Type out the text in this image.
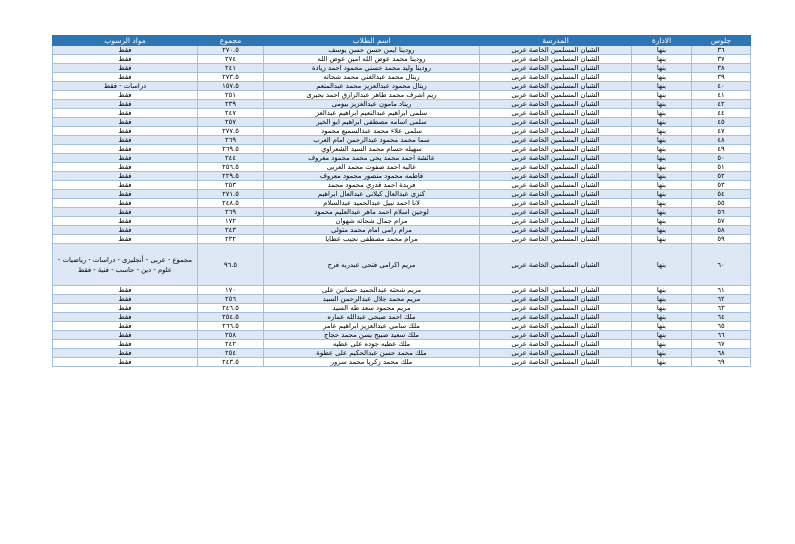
جلوس	الادارة	المدرسة	اسم الطلاب	مجموع	مواد الرسوب
٣٦	بنها	الشبان المسلمين الخاصة عربى	رودينا ايمن حسن حسن يوسف	٢٧٠.٥	فقط
٣٧	بنها	الشبان المسلمين الخاصة عربى	رودينا محمد عوض الله امين عوض الله	٢٧٤	فقط
٣٨	بنها	الشبان المسلمين الخاصة عربى	رودينا وليد محمد حسني محمود احمد زيادة	٢٤١	فقط
٣٩	بنها	الشبان المسلمين الخاصة عربى	ريتال محمد عبدالغني محمد شحاته	٢٧٣.٥	فقط
٤٠	بنها	الشبان المسلمين الخاصة عربى	ريتال محمود عبدالعزيز محمد عبدالمنعم	١٥٧.٥	دراسات - فقط
٤١	بنها	الشبان المسلمين الخاصة عربى	ريم اشرف محمد طاهر عبدالرازق احمد بحيرى	٢٥١	فقط
٤٢	بنها	الشبان المسلمين الخاصة عربى	ريناد مامون عبدالعزيز بيومى	٢٣٩	فقط
٤٤	بنها	الشبان المسلمين الخاصة عربى	سلمى ابراهيم عبدالنعيم ابراهيم عبدالعز	٢٤٧	فقط
٤٥	بنها	الشبان المسلمين الخاصة عربى	سلمى اسامه مصطفى ابراهيم ابو الخير	٢٥٧	فقط
٤٧	بنها	الشبان المسلمين الخاصة عربى	سلمى علاء محمد عبدالسميع محمود	٢٧٧.٥	فقط
٤٨	بنها	الشبان المسلمين الخاصة عربى	سما محمد محمود عبدالرحمن امام العرب	٢٦٩	فقط
٤٩	بنها	الشبان المسلمين الخاصة عربى	سهيله حسام محمد السيد الشعراوي	٢٦٩.٥	فقط
٥٠	بنها	الشبان المسلمين الخاصة عربى	عائشة احمد محمد يحى محمد محمود معروف	٢٤٤	فقط
٥١	بنها	الشبان المسلمين الخاصة عربى	عاليه احمد صفوت محمد العربى	٢٥٦.٥	فقط
٥٢	بنها	الشبان المسلمين الخاصة عربى	فاطمه محمود منصور محمود معروف	٢٢٩.٥	فقط
٥٣	بنها	الشبان المسلمين الخاصة عربى	فريدة احمد قدري محمود محمد	٢٥٣	فقط
٥٤	بنها	الشبان المسلمين الخاصة عربى	كنزى عبدالعال كيلانى عبدالعال ابراهيم	٢٧١.٥	فقط
٥٥	بنها	الشبان المسلمين الخاصة عربى	لانا احمد نبيل عبدالحميد عبدالسلام	٢٤٨.٥	فقط
٥٦	بنها	الشبان المسلمين الخاصة عربى	لوجين اسلام احمد ماهر عبدالعليم محمود	٢٦٩	فقط
٥٧	بنها	الشبان المسلمين الخاصة عربى	مرام جمال شحاته شهوان	١٧٢	فقط
٥٨	بنها	الشبان المسلمين الخاصة عربى	مرام رامى امام محمد متولى	٢٤٣	فقط
٥٩	بنها	الشبان المسلمين الخاصة عربى	مرام محمد مصطفى نجيب عطايا	٢٣٢	فقط
٦٠	بنها	الشبان المسلمين الخاصة عربى	مريم اكرامى فتحى عبدربه فرج	٩٦.٥	مجموع - عربى - أنجليزى - دراسات - رياضيات - علوم - دين - حاسب - فنية - فقط
٦١	بنها	الشبان المسلمين الخاصة عربى	مريم شحته عبدالحميد حسانين على	١٧٠	فقط
٦٢	بنها	الشبان المسلمين الخاصة عربى	مريم محمد جلال عبدالرحمن السيد	٢٥٦	فقط
٦٣	بنها	الشبان المسلمين الخاصة عربى	مريم محمود سعد طه السيد	٢٤٦.٥	فقط
٦٤	بنها	الشبان المسلمين الخاصة عربى	ملك احمد صبحى عبدالله عماره	٢٥٤.٥	فقط
٦٥	بنها	الشبان المسلمين الخاصة عربى	ملك سامي عبدالعزيز ابراهيم عامر	٢٦٦.٥	فقط
٦٦	بنها	الشبان المسلمين الخاصة عربى	ملك سعيد صبيح يسن محمد حجاج	٢٥٨	فقط
٦٧	بنها	الشبان المسلمين الخاصة عربى	ملك عطيه جوده على عطيه	٢٤٢	فقط
٦٨	بنها	الشبان المسلمين الخاصة عربى	ملك محمد حسن عبدالحكيم على عطوة	٢٥٤	فقط
٦٩	بنها	الشبان المسلمين الخاصة عربى	ملك محمد زكريا محمد سرور	٢٤٣.٥	فقط
